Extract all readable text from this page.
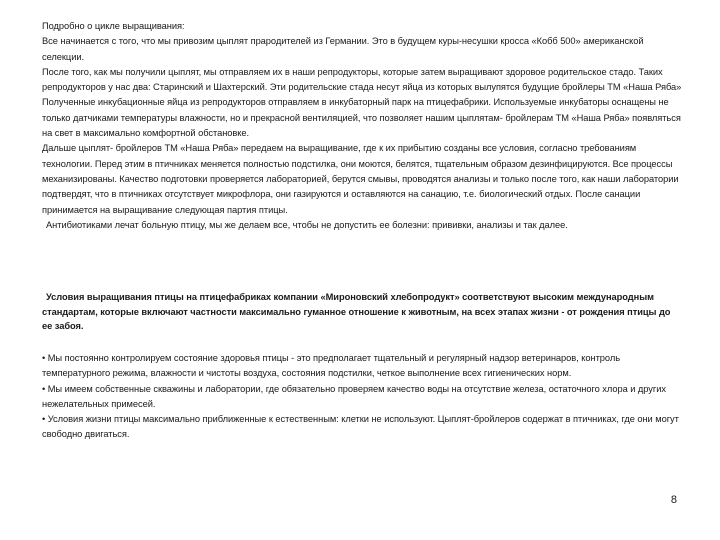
Подробно о цикле выращивания:

Все начинается с того, что мы привозим цыплят прародителей из Германии. Это в будущем куры-несушки кросса «Кобб 500» американской селекции.

После того, как мы получили цыплят, мы отправляем их в наши репродукторы, которые затем выращивают здоровое родительское стадо. Таких репродукторов у нас два: Старинский и Шахтерский. Эти родительские стада несут яйца из которых вылупятся будущие бройлеры ТМ «Наша Ряба»

Полученные инкубационные яйца из репродукторов отправляем в инкубаторный парк на птицефабрики. Используемые инкубаторы оснащены не только датчиками температуры влажности, но и прекрасной вентиляцией, что позволяет нашим цыплятам- бройлерам ТМ «Наша Ряба» появляться на свет в максимально комфортной обстановке.

Дальше цыплят- бройлеров ТМ «Наша Ряба» передаем на выращивание, где к их прибытию созданы все условия, согласно требованиям технологии. Перед этим в птичниках меняется полностью подстилка, они моются, белятся, тщательным образом дезинфицируются. Все процессы механизированы. Качество подготовки проверяется лабораторией, берутся смывы, проводятся анализы и только после того, как наши лаборатории подтвердят, что в птичниках отсутствует микрофлора, они газируются и оставляются на санацию, т.е. биологический отдых. После санации принимается на выращивание следующая партия птицы.

Антибиотиками лечат больную птицу, мы же делаем все, чтобы не допустить ее болезни: прививки, анализы и так далее.

Условия выращивания птицы на птицефабриках компании «Мироновский хлебопродукт» соответствуют высоким международным стандартам, которые включают частности максимально гуманное отношение к животным, на всех этапах жизни - от рождения птицы до ее забоя.

• Мы постоянно контролируем состояние здоровья птицы - это предполагает тщательный и регулярный надзор ветеринаров, контроль температурного режима, влажности и чистоты воздуха, состояния подстилки, четкое выполнение всех гигиенических норм.

• Мы имеем собственные скважины и лаборатории, где обязательно проверяем качество воды на отсутствие железа, остаточного хлора и других нежелательных примесей.

• Условия жизни птицы максимально приближенные к естественным: клетки не используют. Цыплят-бройлеров содержат в птичниках, где они могут свободно двигаться.

8
